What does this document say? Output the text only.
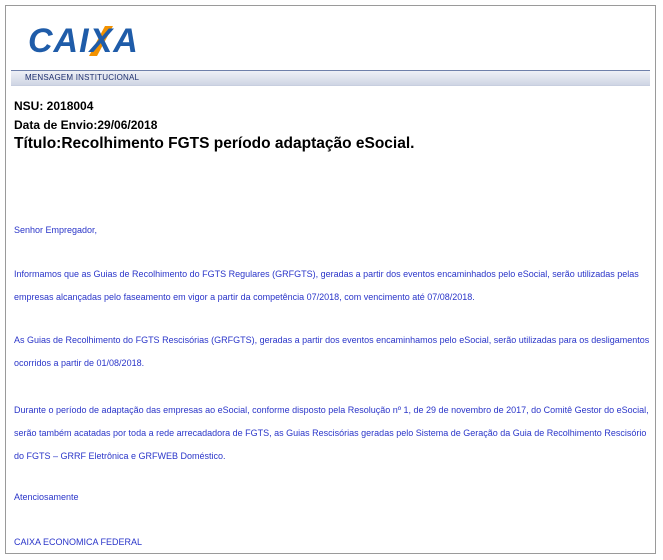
CAI X A
MENSAGEM INSTITUCIONAL
NSU: 2018004
Data de Envio:29/06/2018
Título:Recolhimento FGTS período adaptação eSocial.
Senhor Empregador,
Informamos que as Guias de Recolhimento do FGTS Regulares (GRFGTS), geradas a partir dos eventos encaminhados pelo eSocial, serão utilizadas pelas empresas alcançadas pelo faseamento em vigor a partir da competência 07/2018, com vencimento até 07/08/2018.
As Guias de Recolhimento do FGTS Rescisórias (GRFGTS), geradas a partir dos eventos encaminhamos pelo eSocial, serão utilizadas para os desligamentos ocorridos a partir de 01/08/2018.
Durante o período de adaptação das empresas ao eSocial, conforme disposto pela Resolução nº 1, de 29 de novembro de 2017, do Comitê Gestor do eSocial, serão também acatadas por toda a rede arrecadadora de FGTS, as Guias Rescisórias geradas pelo Sistema de Geração da Guia de Recolhimento Rescisório do FGTS – GRRF Eletrônica e GRFWEB Doméstico.
Atenciosamente
CAIXA ECONOMICA FEDERAL
